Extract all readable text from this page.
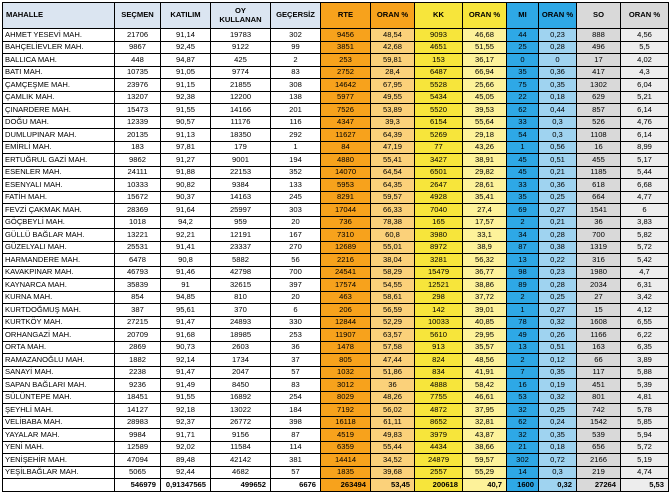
MAHALLE	SEÇMEN	KATILIM	OY KULLANAN	GEÇERSİZ	RTE	ORAN %	KK	ORAN %	MI	ORAN %	SO	ORAN %
AHMET YESEVİ MAH.	21706	91,14	19783	302	9456	48,54	9093	46,68	44	0,23	888	4,56
BAHÇELİEVLER MAH.	9867	92,45	9122	99	3851	42,68	4651	51,55	25	0,28	496	5,5
BALLICA MAH.	448	94,87	425	2	253	59,81	153	36,17	0	0	17	4,02
BATI MAH.	10735	91,05	9774	83	2752	28,4	6487	66,94	35	0,36	417	4,3
ÇAMÇEŞME MAH.	23976	91,15	21855	308	14642	67,95	5528	25,66	75	0,35	1302	6,04
ÇAMLIK MAH.	13207	92,38	12200	138	5977	49,55	5434	45,05	22	0,18	629	5,21
ÇINARDERE MAH.	15473	91,55	14166	201	7526	53,89	5520	39,53	62	0,44	857	6,14
DOĞU MAH.	12339	90,57	11176	116	4347	39,3	6154	55,64	33	0,3	526	4,76
DUMLUPINAR MAH.	20135	91,13	18350	292	11627	64,39	5269	29,18	54	0,3	1108	6,14
EMİRLİ MAH.	183	97,81	179	1	84	47,19	77	43,26	1	0,56	16	8,99
ERTUĞRUL GAZİ MAH.	9862	91,27	9001	194	4880	55,41	3427	38,91	45	0,51	455	5,17
ESENLER MAH.	24111	91,88	22153	352	14070	64,54	6501	29,82	45	0,21	1185	5,44
ESENYALI MAH.	10333	90,82	9384	133	5953	64,35	2647	28,61	33	0,36	618	6,68
FATİH MAH.	15672	90,37	14163	245	8291	59,57	4928	35,41	35	0,25	664	4,77
FEVZİ ÇAKMAK MAH.	28369	91,64	25997	303	17044	66,33	7040	27,4	69	0,27	1541	6
GÖÇBEYLİ MAH.	1018	94,2	959	20	736	78,38	165	17,57	2	0,21	36	3,83
GÜLLÜ BAĞLAR MAH.	13221	92,21	12191	167	7310	60,8	3980	33,1	34	0,28	700	5,82
GÜZELYALI MAH.	25531	91,41	23337	270	12689	55,01	8972	38,9	87	0,38	1319	5,72
HARMANDERE MAH.	6478	90,8	5882	56	2216	38,04	3281	56,32	13	0,22	316	5,42
KAVAKPINAR MAH.	46793	91,46	42798	700	24541	58,29	15479	36,77	98	0,23	1980	4,7
KAYNARCA MAH.	35839	91	32615	397	17574	54,55	12521	38,86	89	0,28	2034	6,31
KURNA MAH.	854	94,85	810	20	463	58,61	298	37,72	2	0,25	27	3,42
KURTDOĞMUŞ MAH.	387	95,61	370	6	206	56,59	142	39,01	1	0,27	15	4,12
KURTKÖY MAH.	27215	91,47	24893	330	12844	52,29	10033	40,85	78	0,32	1608	6,55
ORHANGAZİ MAH.	20709	91,68	18985	253	11907	63,57	5610	29,95	49	0,26	1166	6,22
ORTA MAH.	2869	90,73	2603	36	1478	57,58	913	35,57	13	0,51	163	6,35
RAMAZANOĞLU MAH.	1882	92,14	1734	37	805	47,44	824	48,56	2	0,12	66	3,89
SANAYİ MAH.	2238	91,47	2047	57	1032	51,86	834	41,91	7	0,35	117	5,88
SAPAN BAĞLARI MAH.	9236	91,49	8450	83	3012	36	4888	58,42	16	0,19	451	5,39
SÜLÜNTEPE MAH.	18451	91,55	16892	254	8029	48,26	7755	46,61	53	0,32	801	4,81
ŞEYHLİ MAH.	14127	92,18	13022	184	7192	56,02	4872	37,95	32	0,25	742	5,78
VELİBABA MAH.	28983	92,37	26772	398	16118	61,11	8652	32,81	62	0,24	1542	5,85
YAYALAR MAH.	9984	91,71	9156	87	4519	49,83	3979	43,87	32	0,35	539	5,94
YENİ MAH.	12589	92,02	11584	114	6359	55,44	4434	38,66	21	0,18	656	5,72
YENİŞEHİR MAH.	47094	89,48	42142	381	14414	34,52	24879	59,57	302	0,72	2166	5,19
YEŞİLBAĞLAR MAH.	5065	92,44	4682	57	1835	39,68	2557	55,29	14	0,3	219	4,74
	546979	0,91347565	499652	6676	263494	53,45	200618	40,7	1600	0,32	27264	5,53
